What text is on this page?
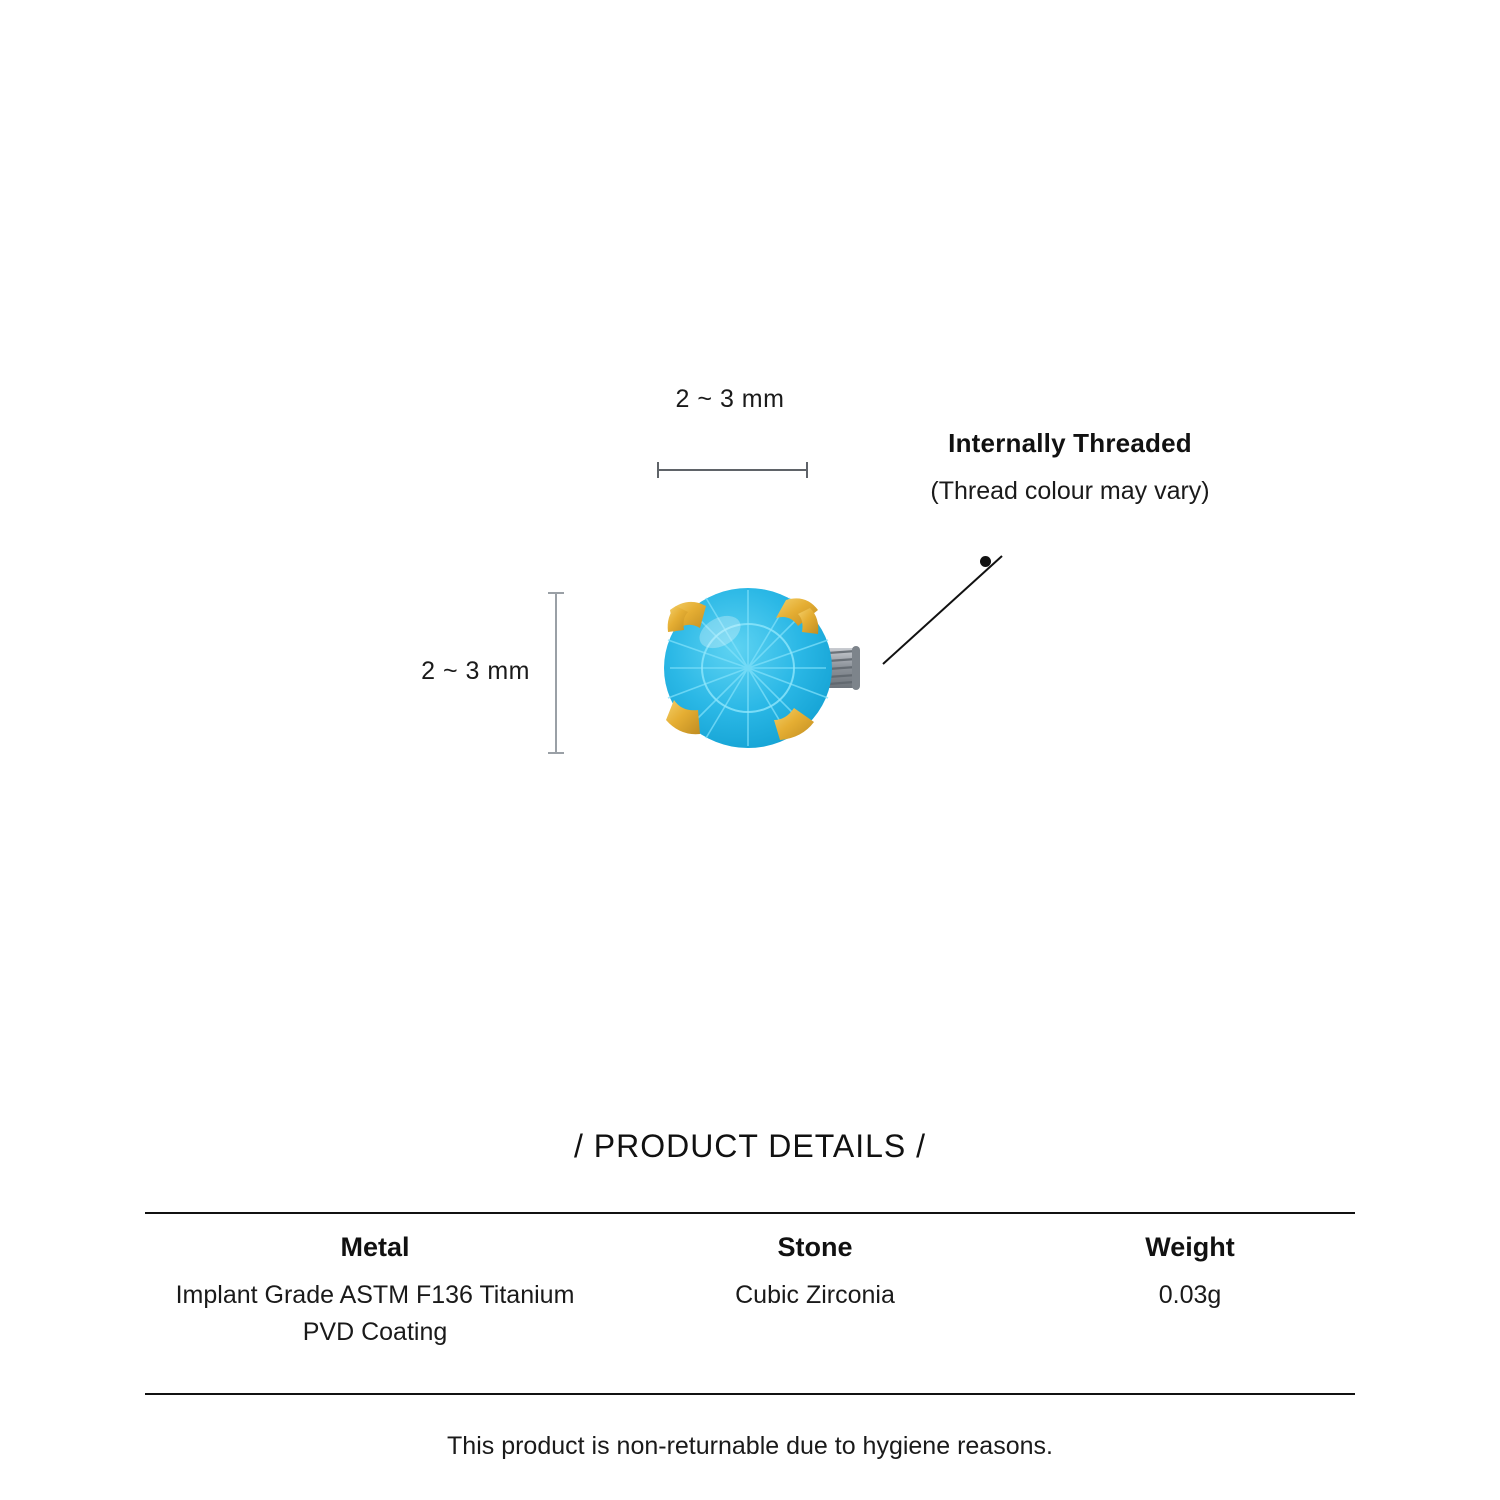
2 ~ 3 mm
2 ~ 3 mm
Internally Threaded
(Thread colour may vary)
/ PRODUCT DETAILS /
Metal
Implant Grade ASTM F136 Titanium
PVD Coating
Stone
Cubic Zirconia
Weight
0.03g
This product is non-returnable due to hygiene reasons.
